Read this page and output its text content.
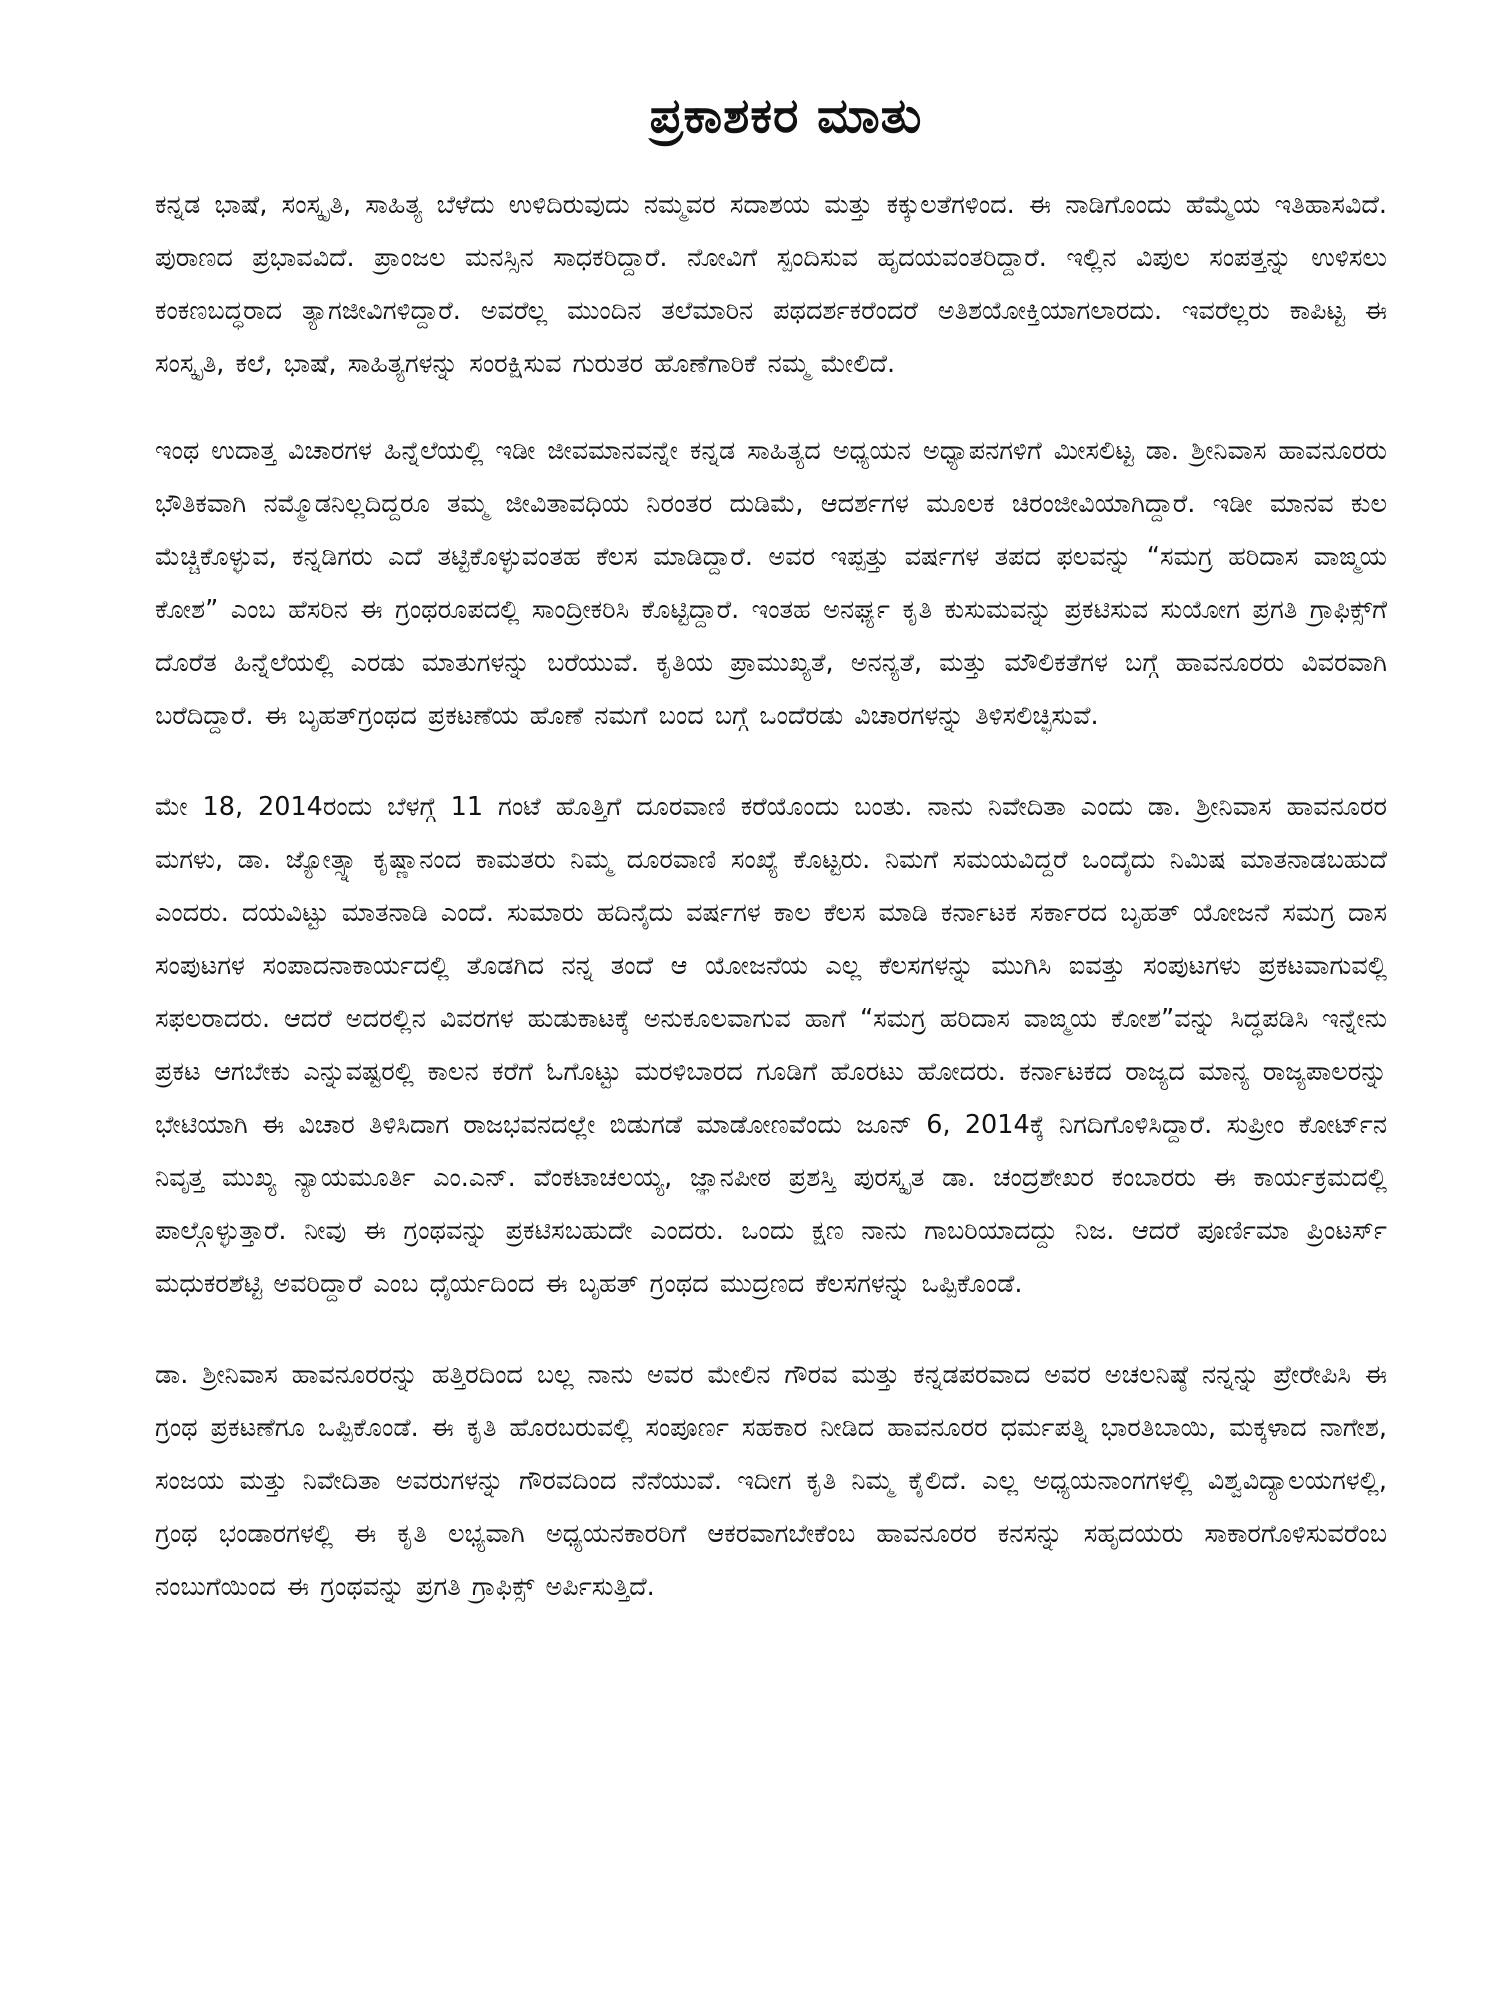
ಪ್ರಕಾಶಕರ ಮಾತು

ಕನ್ನಡ ಭಾಷೆ, ಸಂಸ್ಕೃತಿ, ಸಾಹಿತ್ಯ ಬೆಳೆದು ಉಳಿದಿರುವುದು ನಮ್ಮವರ ಸದಾಶಯ ಮತ್ತು ಕಕ್ಕುಲತೆಗಳಿಂದ. ಈ ನಾಡಿಗೊಂದು ಹೆಮ್ಮೆಯ ಇತಿಹಾಸವಿದೆ. ಪುರಾಣದ ಪ್ರಭಾವವಿದೆ. ಪ್ರಾಂಜಲ ಮನಸ್ಸಿನ ಸಾಧಕರಿದ್ದಾರೆ. ನೋವಿಗೆ ಸ್ಪಂದಿಸುವ ಹೃದಯವಂತರಿದ್ದಾರೆ. ಇಲ್ಲಿನ ವಿಪುಲ ಸಂಪತ್ತನ್ನು ಉಳಿಸಲು ಕಂಕಣಬದ್ಧರಾದ ತ್ಯಾಗಜೀವಿಗಳಿದ್ದಾರೆ. ಅವರೆಲ್ಲ ಮುಂದಿನ ತಲೆಮಾರಿನ ಪಥದರ್ಶಕರೆಂದರೆ ಅತಿಶಯೋಕ್ತಿಯಾಗಲಾರದು. ಇವರೆಲ್ಲರು ಕಾಪಿಟ್ಟ ಈ ಸಂಸ್ಕೃತಿ, ಕಲೆ, ಭಾಷೆ, ಸಾಹಿತ್ಯಗಳನ್ನು ಸಂರಕ್ಷಿಸುವ ಗುರುತರ ಹೊಣೆಗಾರಿಕೆ ನಮ್ಮ ಮೇಲಿದೆ.

ಇಂಥ ಉದಾತ್ತ ವಿಚಾರಗಳ ಹಿನ್ನೆಲೆಯಲ್ಲಿ ಇಡೀ ಜೀವಮಾನವನ್ನೇ ಕನ್ನಡ ಸಾಹಿತ್ಯದ ಅಧ್ಯಯನ ಅಧ್ಯಾಪನಗಳಿಗೆ ಮೀಸಲಿಟ್ಟ ಡಾ. ಶ್ರೀನಿವಾಸ ಹಾವನೂರರು ಭೌತಿಕವಾಗಿ ನಮ್ಮೊಡನಿಲ್ಲದಿದ್ದರೂ ತಮ್ಮ ಜೀವಿತಾವಧಿಯ ನಿರಂತರ ದುಡಿಮೆ, ಆದರ್ಶಗಳ ಮೂಲಕ ಚಿರಂಜೀವಿಯಾಗಿದ್ದಾರೆ. ಇಡೀ ಮಾನವ ಕುಲ ಮೆಚ್ಚಿಕೊಳ್ಳುವ, ಕನ್ನಡಿಗರು ಎದೆ ತಟ್ಟಿಕೊಳ್ಳುವಂತಹ ಕೆಲಸ ಮಾಡಿದ್ದಾರೆ. ಅವರ ಇಪ್ಪತ್ತು ವರ್ಷಗಳ ತಪದ ಫಲವನ್ನು “ಸಮಗ್ರ ಹರಿದಾಸ ವಾಙ್ಮಯ ಕೋಶ” ಎಂಬ ಹೆಸರಿನ ಈ ಗ್ರಂಥರೂಪದಲ್ಲಿ ಸಾಂದ್ರೀಕರಿಸಿ ಕೊಟ್ಟಿದ್ದಾರೆ. ಇಂತಹ ಅನರ್ಘ್ಯ ಕೃತಿ ಕುಸುಮವನ್ನು ಪ್ರಕಟಿಸುವ ಸುಯೋಗ ಪ್ರಗತಿ ಗ್ರಾಫಿಕ್ಸ್‌ಗೆ ದೊರೆತ ಹಿನ್ನೆಲೆಯಲ್ಲಿ ಎರಡು ಮಾತುಗಳನ್ನು ಬರೆಯುವೆ. ಕೃತಿಯ ಪ್ರಾಮುಖ್ಯತೆ, ಅನನ್ಯತೆ, ಮತ್ತು ಮೌಲಿಕತೆಗಳ ಬಗ್ಗೆ ಹಾವನೂರರು ವಿವರವಾಗಿ ಬರೆದಿದ್ದಾರೆ. ಈ ಬೃಹತ್‌ಗ್ರಂಥದ ಪ್ರಕಟಣೆಯ ಹೊಣೆ ನಮಗೆ ಬಂದ ಬಗ್ಗೆ ಒಂದೆರಡು ವಿಚಾರಗಳನ್ನು ತಿಳಿಸಲಿಚ್ಛಿಸುವೆ.

ಮೇ 18, 2014ರಂದು ಬೆಳಗ್ಗೆ 11 ಗಂಟೆ ಹೊತ್ತಿಗೆ ದೂರವಾಣಿ ಕರೆಯೊಂದು ಬಂತು. ನಾನು ನಿವೇದಿತಾ ಎಂದು ಡಾ. ಶ್ರೀನಿವಾಸ ಹಾವನೂರರ ಮಗಳು, ಡಾ. ಜ್ಯೋತ್ಸ್ನಾ ಕೃಷ್ಣಾನಂದ ಕಾಮತರು ನಿಮ್ಮ ದೂರವಾಣಿ ಸಂಖ್ಯೆ ಕೊಟ್ಟರು. ನಿಮಗೆ ಸಮಯವಿದ್ದರೆ ಒಂದೈದು ನಿಮಿಷ ಮಾತನಾಡಬಹುದೆ ಎಂದರು. ದಯವಿಟ್ಟು ಮಾತನಾಡಿ ಎಂದೆ. ಸುಮಾರು ಹದಿನೈದು ವರ್ಷಗಳ ಕಾಲ ಕೆಲಸ ಮಾಡಿ ಕರ್ನಾಟಕ ಸರ್ಕಾರದ ಬೃಹತ್ ಯೋಜನೆ ಸಮಗ್ರ ದಾಸ ಸಂಪುಟಗಳ ಸಂಪಾದನಾಕಾರ್ಯದಲ್ಲಿ ತೊಡಗಿದ ನನ್ನ ತಂದೆ ಆ ಯೋಜನೆಯ ಎಲ್ಲ ಕೆಲಸಗಳನ್ನು ಮುಗಿಸಿ ಐವತ್ತು ಸಂಪುಟಗಳು ಪ್ರಕಟವಾಗುವಲ್ಲಿ ಸಫಲರಾದರು. ಆದರೆ ಅದರಲ್ಲಿನ ವಿವರಗಳ ಹುಡುಕಾಟಕ್ಕೆ ಅನುಕೂಲವಾಗುವ ಹಾಗೆ “ಸಮಗ್ರ ಹರಿದಾಸ ವಾಙ್ಮಯ ಕೋಶ”ವನ್ನು ಸಿದ್ಧಪಡಿಸಿ ಇನ್ನೇನು ಪ್ರಕಟ ಆಗಬೇಕು ಎನ್ನುವಷ್ಟರಲ್ಲಿ ಕಾಲನ ಕರೆಗೆ ಓಗೊಟ್ಟು ಮರಳಿಬಾರದ ಗೂಡಿಗೆ ಹೊರಟು ಹೋದರು. ಕರ್ನಾಟಕದ ರಾಜ್ಯದ ಮಾನ್ಯ ರಾಜ್ಯಪಾಲರನ್ನು ಭೇಟಿಯಾಗಿ ಈ ವಿಚಾರ ತಿಳಿಸಿದಾಗ ರಾಜಭವನದಲ್ಲೇ ಬಿಡುಗಡೆ ಮಾಡೋಣವೆಂದು ಜೂನ್ 6, 2014ಕ್ಕೆ ನಿಗದಿಗೊಳಿಸಿದ್ದಾರೆ. ಸುಪ್ರೀಂ ಕೋರ್ಟ್‌ನ ನಿವೃತ್ತ ಮುಖ್ಯ ನ್ಯಾಯಮೂರ್ತಿ ಎಂ.ಎನ್. ವೆಂಕಟಾಚಲಯ್ಯ, ಜ್ಞಾನಪೀಠ ಪ್ರಶಸ್ತಿ ಪುರಸ್ಕೃತ ಡಾ. ಚಂದ್ರಶೇಖರ ಕಂಬಾರರು ಈ ಕಾರ್ಯಕ್ರಮದಲ್ಲಿ ಪಾಲ್ಗೊಳ್ಳುತ್ತಾರೆ. ನೀವು ಈ ಗ್ರಂಥವನ್ನು ಪ್ರಕಟಿಸಬಹುದೇ ಎಂದರು. ಒಂದು ಕ್ಷಣ ನಾನು ಗಾಬರಿಯಾದದ್ದು ನಿಜ. ಆದರೆ ಪೂರ್ಣಿಮಾ ಪ್ರಿಂಟರ್ಸ್ ಮಧುಕರಶೆಟ್ಟಿ ಅವರಿದ್ದಾರೆ ಎಂಬ ಧೈರ್ಯದಿಂದ ಈ ಬೃಹತ್ ಗ್ರಂಥದ ಮುದ್ರಣದ ಕೆಲಸಗಳನ್ನು ಒಪ್ಪಿಕೊಂಡೆ.

ಡಾ. ಶ್ರೀನಿವಾಸ ಹಾವನೂರರನ್ನು ಹತ್ತಿರದಿಂದ ಬಲ್ಲ ನಾನು ಅವರ ಮೇಲಿನ ಗೌರವ ಮತ್ತು ಕನ್ನಡಪರವಾದ ಅವರ ಅಚಲನಿಷ್ಠೆ ನನ್ನನ್ನು ಪ್ರೇರೇಪಿಸಿ ಈ ಗ್ರಂಥ ಪ್ರಕಟಣೆಗೂ ಒಪ್ಪಿಕೊಂಡೆ. ಈ ಕೃತಿ ಹೊರಬರುವಲ್ಲಿ ಸಂಪೂರ್ಣ ಸಹಕಾರ ನೀಡಿದ ಹಾವನೂರರ ಧರ್ಮಪತ್ನಿ ಭಾರತಿಬಾಯಿ, ಮಕ್ಕಳಾದ ನಾಗೇಶ, ಸಂಜಯ ಮತ್ತು ನಿವೇದಿತಾ ಅವರುಗಳನ್ನು ಗೌರವದಿಂದ ನೆನೆಯುವೆ. ಇದೀಗ ಕೃತಿ ನಿಮ್ಮ ಕೈಲಿದೆ. ಎಲ್ಲ ಅಧ್ಯಯನಾಂಗಗಳಲ್ಲಿ ವಿಶ್ವವಿದ್ಯಾಲಯಗಳಲ್ಲಿ, ಗ್ರಂಥ ಭಂಡಾರಗಳಲ್ಲಿ ಈ ಕೃತಿ ಲಭ್ಯವಾಗಿ ಅಧ್ಯಯನಕಾರರಿಗೆ ಆಕರವಾಗಬೇಕೆಂಬ ಹಾವನೂರರ ಕನಸನ್ನು ಸಹೃದಯರು ಸಾಕಾರಗೊಳಿಸುವರೆಂಬ ನಂಬುಗೆಯಿಂದ ಈ ಗ್ರಂಥವನ್ನು ಪ್ರಗತಿ ಗ್ರಾಫಿಕ್ಸ್ ಅರ್ಪಿಸುತ್ತಿದೆ.
